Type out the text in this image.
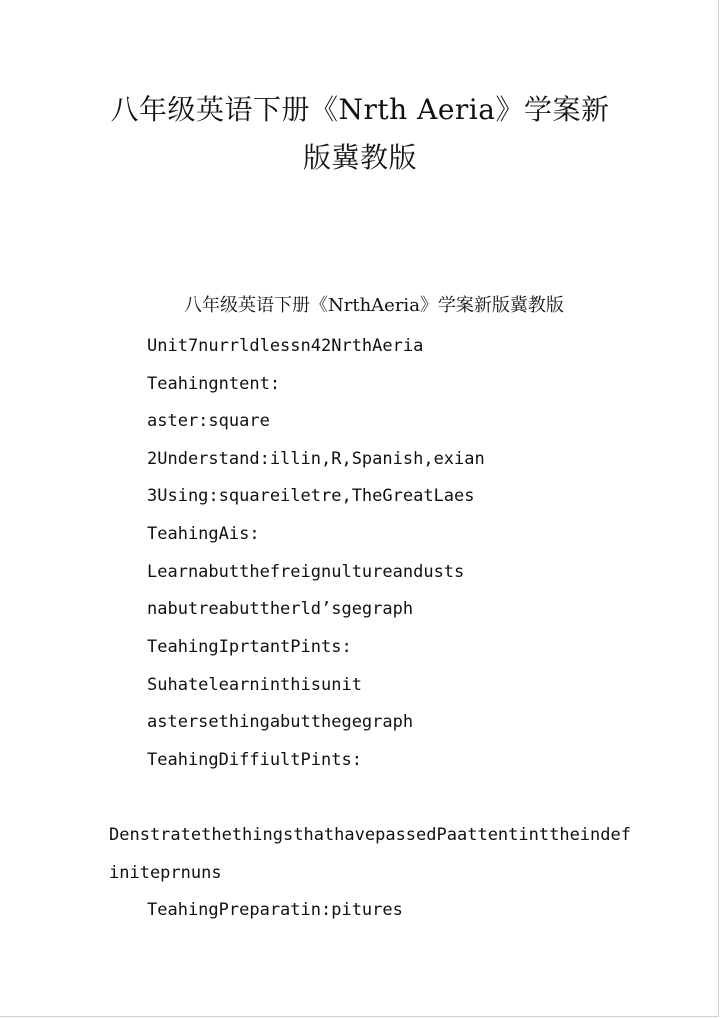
八年级英语下册《Nrth Aeria》学案新
版冀教版
八年级英语下册《NrthAeria》学案新版冀教版
Unit7nurrldlessn42NrthAeria
Teahingntent:
aster:square
2Understand:illin,R,Spanish,exian
3Using:squareiletre,TheGreatLaes
TeahingAis:
Learnabutthefreignultureandusts
nabutreabuttherld’sgegraph
TeahingIprtantPints:
Suhatelearninthisunit
astersethingabutthegegraph
TeahingDiffiultPints:
DenstratethethingsthathavepassedPaattentinttheindef
initeprnuns
TeahingPreparatin:pitures
